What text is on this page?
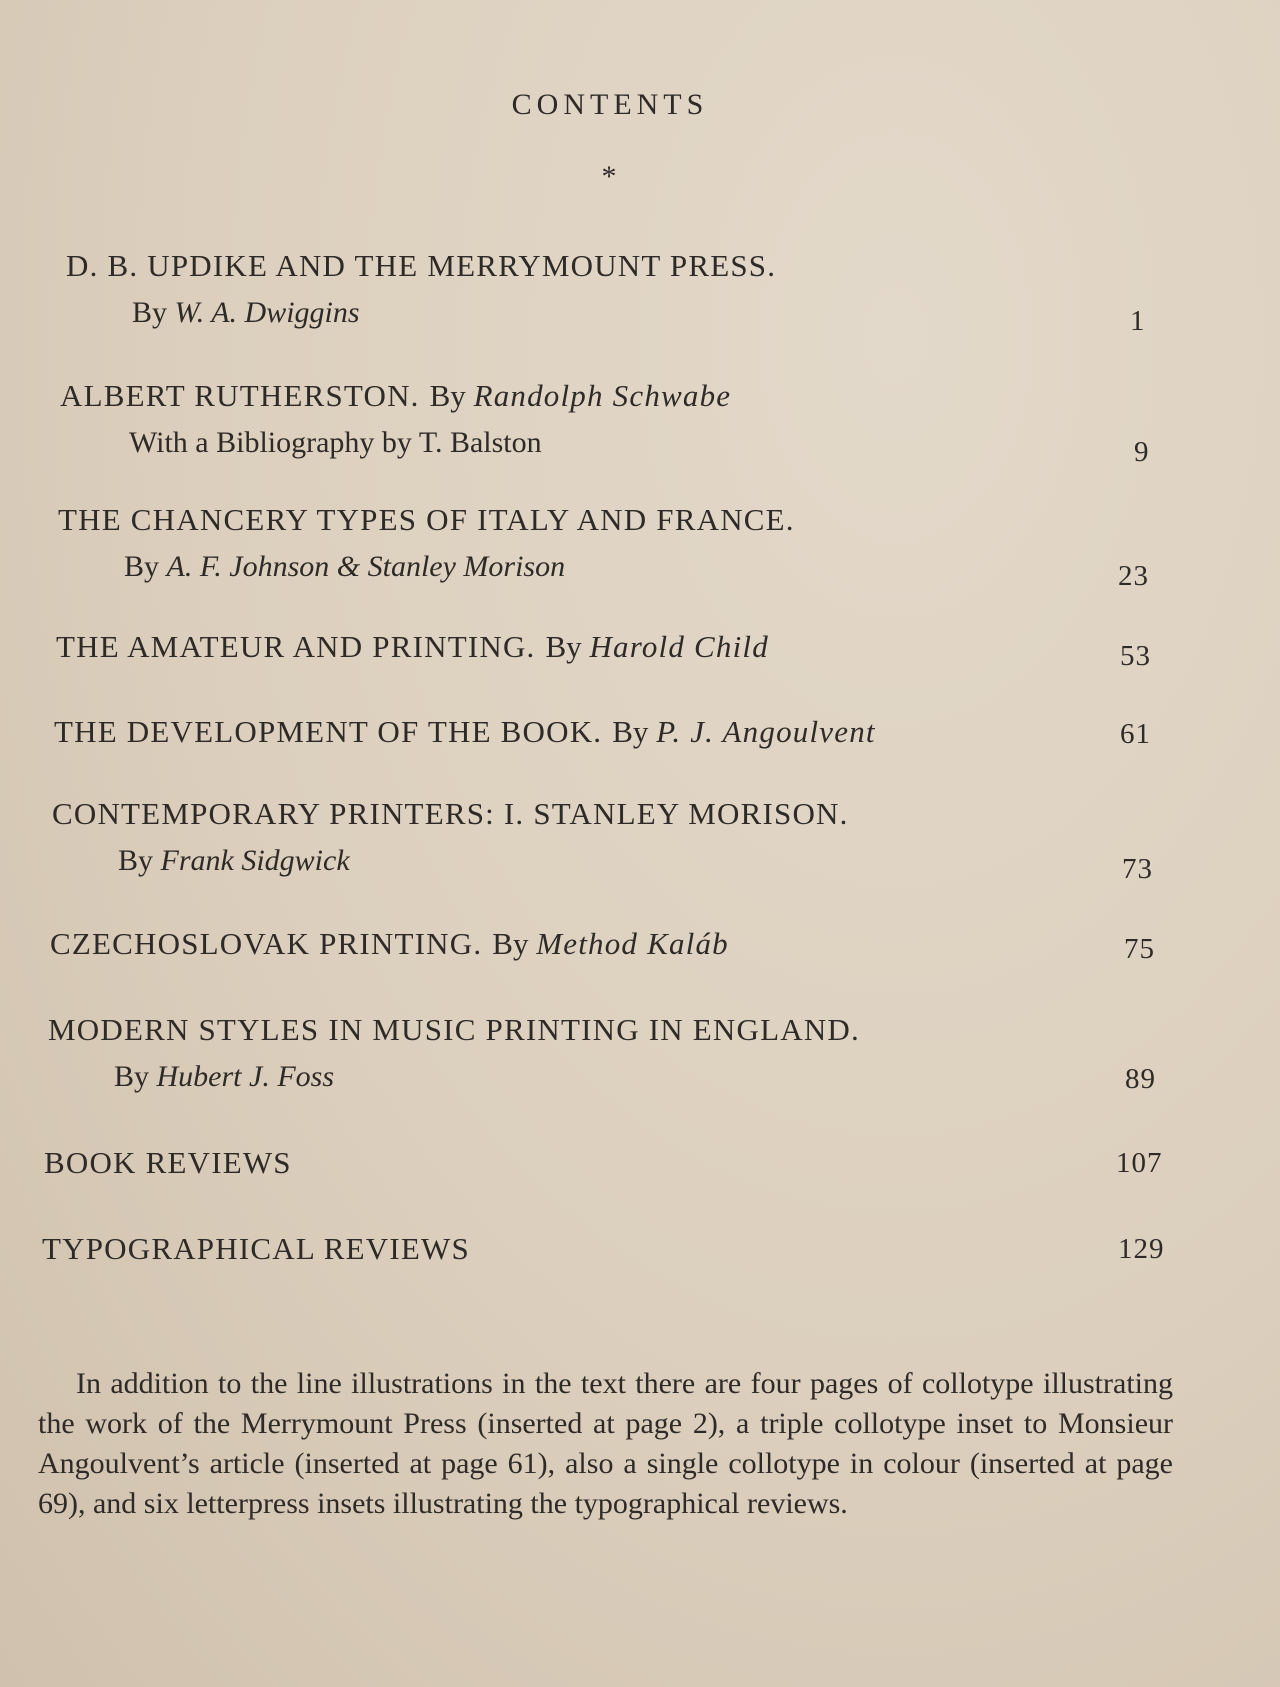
CONTENTS
*
D. B. UPDIKE AND THE MERRYMOUNT PRESS.
By W. A. Dwiggins	1
ALBERT RUTHERSTON. By Randolph Schwabe
With a Bibliography by T. Balston	9
THE CHANCERY TYPES OF ITALY AND FRANCE.
By A. F. Johnson & Stanley Morison	23
THE AMATEUR AND PRINTING. By Harold Child	53
THE DEVELOPMENT OF THE BOOK. By P. J. Angoulvent	61
CONTEMPORARY PRINTERS: I. STANLEY MORISON.
By Frank Sidgwick	73
CZECHOSLOVAK PRINTING. By Method Kaláb	75
MODERN STYLES IN MUSIC PRINTING IN ENGLAND.
By Hubert J. Foss	89
BOOK REVIEWS	107
TYPOGRAPHICAL REVIEWS	129
In addition to the line illustrations in the text there are four pages of collotype illustrating the work of the Merrymount Press (inserted at page 2), a triple collotype inset to Monsieur Angoulvent’s article (inserted at page 61), also a single collotype in colour (inserted at page 69), and six letterpress insets illustrating the typographical reviews.
